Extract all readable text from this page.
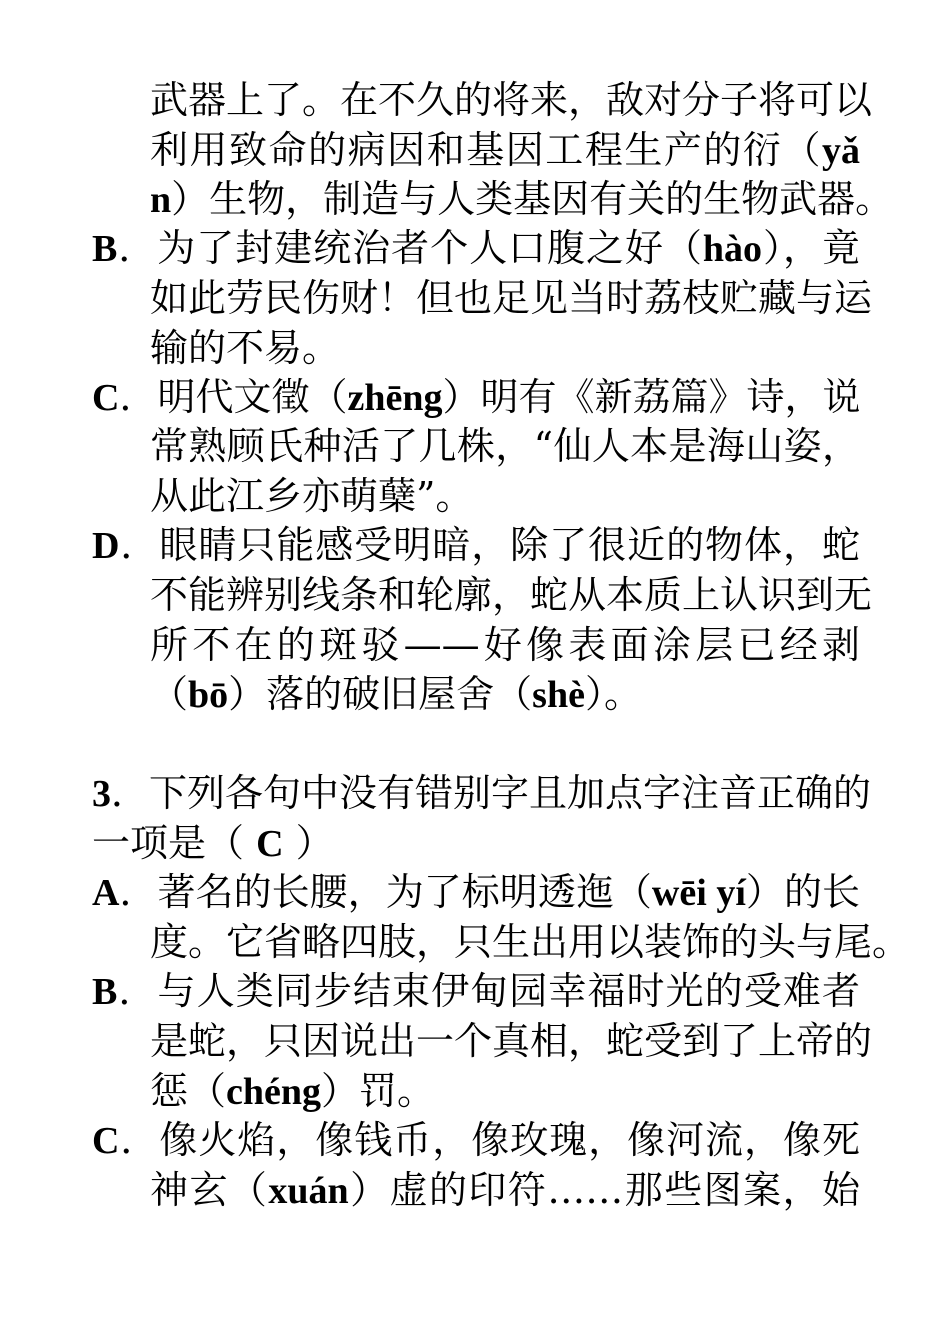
武器上了。在不久的将来，敌对分子将可以
利用致命的病因和基因工程生产的衍（yǎ
n）生物，制造与人类基因有关的生物武器。
B．为了封建统治者个人口腹之好（hào），竟
如此劳民伤财！但也足见当时荔枝贮藏与运
输的不易。
C．明代文徵（zhēng）明有《新荔篇》诗，说
常熟顾氏种活了几株，“仙人本是海山姿，
从此江乡亦萌蘖”。
D．眼睛只能感受明暗，除了很近的物体，蛇
不能辨别线条和轮廓，蛇从本质上认识到无
所不在的斑驳——好像表面涂层已经剥
（bō）落的破旧屋舍（shè）。
3．下列各句中没有错别字且加点字注音正确的
一项是（ C ）
A．著名的长腰，为了标明透迤（wēi yí）的长
度。它省略四肢，只生出用以装饰的头与尾。
B．与人类同步结束伊甸园幸福时光的受难者
是蛇，只因说出一个真相，蛇受到了上帝的
惩（chéng）罚。
C．像火焰，像钱币，像玫瑰，像河流，像死
神玄（xuán）虚的印符……那些图案，始
